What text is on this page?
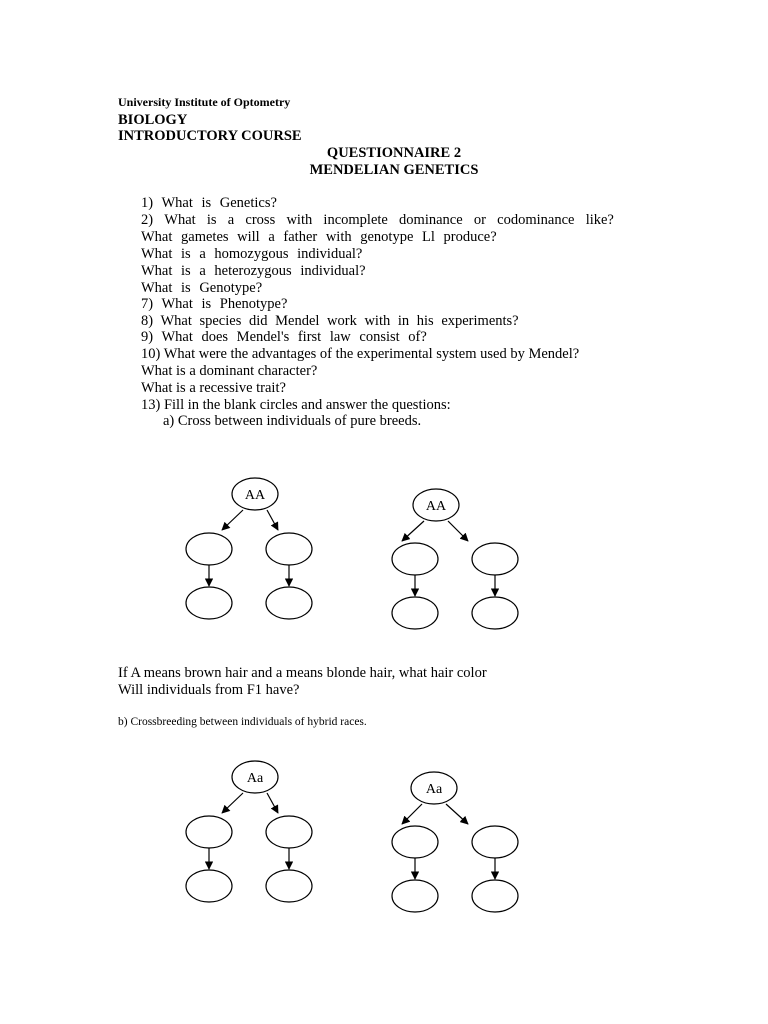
University Institute of Optometry
BIOLOGY
INTRODUCTORY COURSE
QUESTIONNAIRE 2
MENDELIAN GENETICS
1) What is Genetics?
2) What is a cross with incomplete dominance or codominance like?
What gametes will a father with genotype Ll produce?
What is a homozygous individual?
What is a heterozygous individual?
What is Genotype?
7) What is Phenotype?
8) What species did Mendel work with in his experiments?
9) What does Mendel's first law consist of?
10) What were the advantages of the experimental system used by Mendel?
What is a dominant character?
What is a recessive trait?
13) Fill in the blank circles and answer the questions:
a) Cross between individuals of pure breeds.
AA
AA
If A means brown hair and a means blonde hair, what hair color
Will individuals from F1 have?
b) Crossbreeding between individuals of hybrid races.
Aa
Aa
